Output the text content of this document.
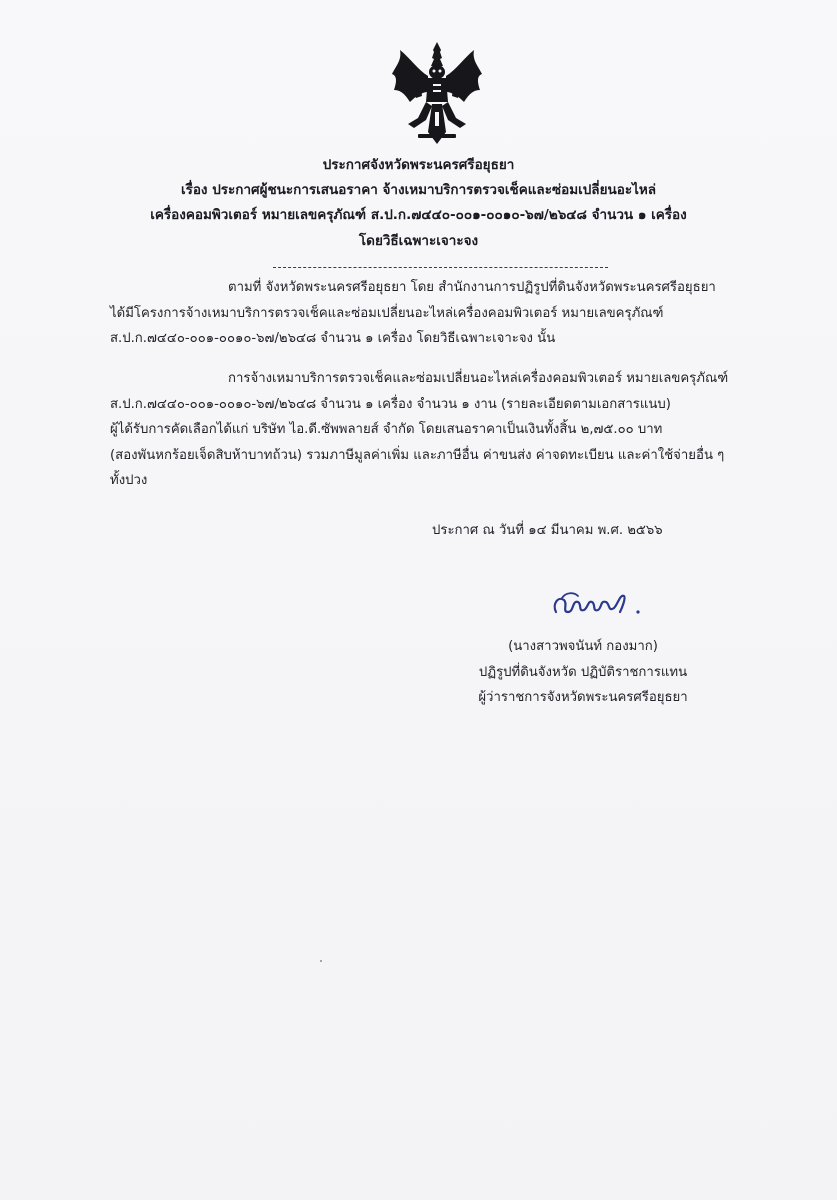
ประกาศจังหวัดพระนครศรีอยุธยา
เรื่อง ประกาศผู้ชนะการเสนอราคา จ้างเหมาบริการตรวจเช็คและซ่อมเปลี่ยนอะไหล่
เครื่องคอมพิวเตอร์ หมายเลขครุภัณฑ์ ส.ป.ก.๗๔๔๐-๐๐๑-๐๐๑๐-๖๗/๒๖๔๘ จำนวน ๑ เครื่อง
โดยวิธีเฉพาะเจาะจง
ตามที่ จังหวัดพระนครศรีอยุธยา โดย สำนักงานการปฏิรูปที่ดินจังหวัดพระนครศรีอยุธยา
ได้มีโครงการจ้างเหมาบริการตรวจเช็คและซ่อมเปลี่ยนอะไหล่เครื่องคอมพิวเตอร์ หมายเลขครุภัณฑ์
ส.ป.ก.๗๔๔๐-๐๐๑-๐๐๑๐-๖๗/๒๖๔๘ จำนวน ๑ เครื่อง โดยวิธีเฉพาะเจาะจง นั้น
การจ้างเหมาบริการตรวจเช็คและซ่อมเปลี่ยนอะไหล่เครื่องคอมพิวเตอร์ หมายเลขครุภัณฑ์
ส.ป.ก.๗๔๔๐-๐๐๑-๐๐๑๐-๖๗/๒๖๔๘ จำนวน ๑ เครื่อง จำนวน ๑ งาน (รายละเอียดตามเอกสารแนบ)
ผู้ได้รับการคัดเลือกได้แก่ บริษัท ไอ.ดี.ซัพพลายส์ จำกัด โดยเสนอราคาเป็นเงินทั้งสิ้น ๒,๗๕.๐๐ บาท
(สองพันหกร้อยเจ็ดสิบห้าบาทถ้วน) รวมภาษีมูลค่าเพิ่ม และภาษีอื่น ค่าขนส่ง ค่าจดทะเบียน และค่าใช้จ่ายอื่น ๆ
ทั้งปวง
ประกาศ ณ วันที่ ๑๔ มีนาคม พ.ศ. ๒๕๖๖
(นางสาวพจนันท์ กองมาก)
ปฏิรูปที่ดินจังหวัด ปฏิบัติราชการแทน
ผู้ว่าราชการจังหวัดพระนครศรีอยุธยา
